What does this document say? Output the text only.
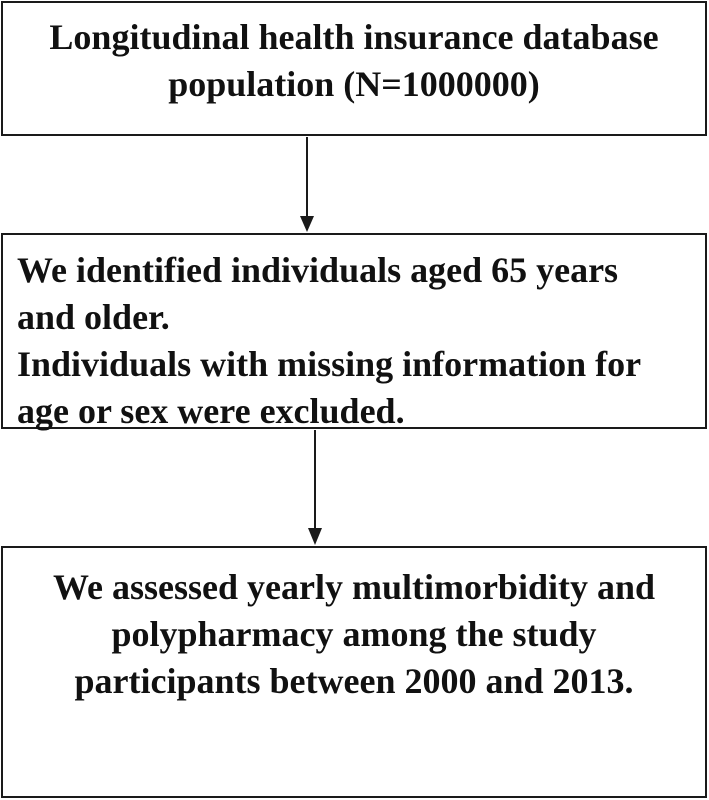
Longitudinal health insurance database
population (N=1000000)
We identified individuals aged 65 years
and older.
Individuals with missing information for
age or sex were excluded.
We assessed yearly multimorbidity and
polypharmacy among the study
participants between 2000 and 2013.
